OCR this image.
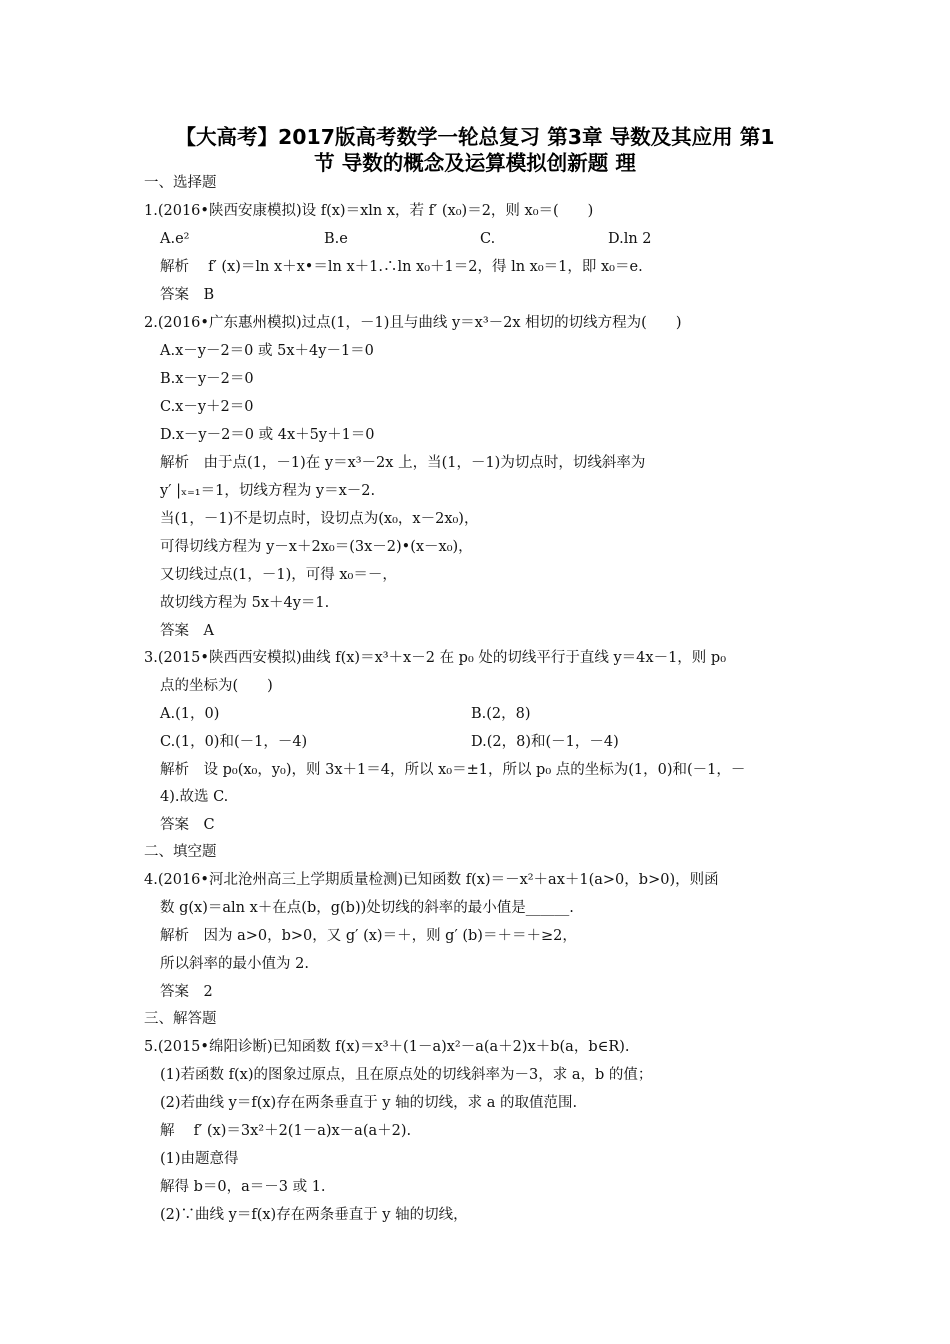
【大高考】2017版高考数学一轮总复习 第3章 导数及其应用 第1
节 导数的概念及运算模拟创新题 理
一、选择题
1.(2016•陕西安康模拟)设 f(x)＝xln x，若 f′ (x₀)＝2，则 x₀＝(　　)
A.e²	B.e	C.	D.ln 2
解析　 f′ (x)＝ln x＋x•＝ln x＋1.∴ln x₀＋1＝2，得 ln x₀＝1，即 x₀＝e.
答案　B
2.(2016•广东惠州模拟)过点(1，－1)且与曲线 y＝x³－2x 相切的切线方程为(　　)
A.x－y－2＝0 或 5x＋4y－1＝0
B.x－y－2＝0
C.x－y＋2＝0
D.x－y－2＝0 或 4x＋5y＋1＝0
解析　由于点(1，－1)在 y＝x³－2x 上，当(1，－1)为切点时，切线斜率为
y′ |ₓ₌₁＝1，切线方程为 y＝x－2.
当(1，－1)不是切点时，设切点为(x₀，x－2x₀)，
可得切线方程为 y－x＋2x₀＝(3x－2)•(x－x₀)，
又切线过点(1，－1)，可得 x₀＝－，
故切线方程为 5x＋4y＝1.
答案　A
3.(2015•陕西西安模拟)曲线 f(x)＝x³＋x－2 在 p₀ 处的切线平行于直线 y＝4x－1，则 p₀
点的坐标为(　　)
A.(1，0)	B.(2，8)
C.(1，0)和(－1，－4)	D.(2，8)和(－1，－4)
解析　设 p₀(x₀，y₀)，则 3x＋1＝4，所以 x₀＝±1，所以 p₀ 点的坐标为(1，0)和(－1，－
4).故选 C.
答案　C
二、填空题
4.(2016•河北沧州高三上学期质量检测)已知函数 f(x)＝－x²＋ax＋1(a>0，b>0)，则函
数 g(x)＝aln x＋在点(b，g(b))处切线的斜率的最小值是______.
解析　因为 a>0，b>0，又 g′ (x)＝＋，则 g′ (b)＝＋＝＋≥2，
所以斜率的最小值为 2.
答案　2
三、解答题
5.(2015•绵阳诊断)已知函数 f(x)＝x³＋(1－a)x²－a(a＋2)x＋b(a，b∈R).
(1)若函数 f(x)的图象过原点，且在原点处的切线斜率为－3，求 a，b 的值；
(2)若曲线 y＝f(x)存在两条垂直于 y 轴的切线，求 a 的取值范围.
解　 f′ (x)＝3x²＋2(1－a)x－a(a＋2).
(1)由题意得
解得 b＝0，a＝－3 或 1.
(2)∵曲线 y＝f(x)存在两条垂直于 y 轴的切线，
